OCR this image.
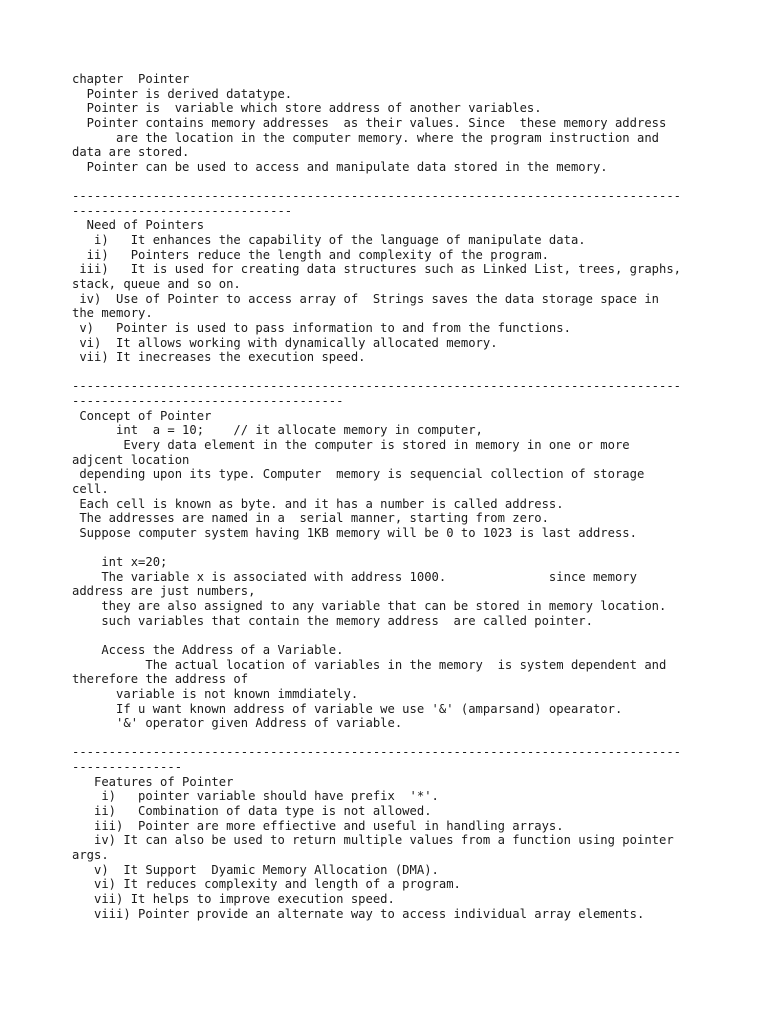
chapter  Pointer
Pointer is derived datatype.
Pointer is  variable which store address of another variables.
Pointer contains memory addresses  as their values. Since  these memory address
are the location in the computer memory. where the program instruction and
data are stored.
Pointer can be used to access and manipulate data stored in the memory.
-----------------------------------------------------------------------------------
------------------------------
Need of Pointers
i)   It enhances the capability of the language of manipulate data.
ii)   Pointers reduce the length and complexity of the program.
iii)   It is used for creating data structures such as Linked List, trees, graphs,
stack, queue and so on.
iv)  Use of Pointer to access array of  Strings saves the data storage space in
the memory.
v)   Pointer is used to pass information to and from the functions.
vi)  It allows working with dynamically allocated memory.
vii) It inecreases the execution speed.
-----------------------------------------------------------------------------------
-------------------------------------
Concept of Pointer
int  a = 10;    // it allocate memory in computer,
Every data element in the computer is stored in memory in one or more
adjcent location
depending upon its type. Computer  memory is sequencial collection of storage
cell.
Each cell is known as byte. and it has a number is called address.
The addresses are named in a  serial manner, starting from zero.
Suppose computer system having 1KB memory will be 0 to 1023 is last address.
int x=20;
The variable x is associated with address 1000.              since memory
address are just numbers,
they are also assigned to any variable that can be stored in memory location.
such variables that contain the memory address  are called pointer.
Access the Address of a Variable.
The actual location of variables in the memory  is system dependent and
therefore the address of
variable is not known immdiately.
If u want known address of variable we use '&' (amparsand) opearator.
'&' operator given Address of variable.
-----------------------------------------------------------------------------------
---------------
Features of Pointer
i)   pointer variable should have prefix  '*'.
ii)   Combination of data type is not allowed.
iii)  Pointer are more effiective and useful in handling arrays.
iv) It can also be used to return multiple values from a function using pointer
args.
v)  It Support  Dyamic Memory Allocation (DMA).
vi) It reduces complexity and length of a program.
vii) It helps to improve execution speed.
viii) Pointer provide an alternate way to access individual array elements.
